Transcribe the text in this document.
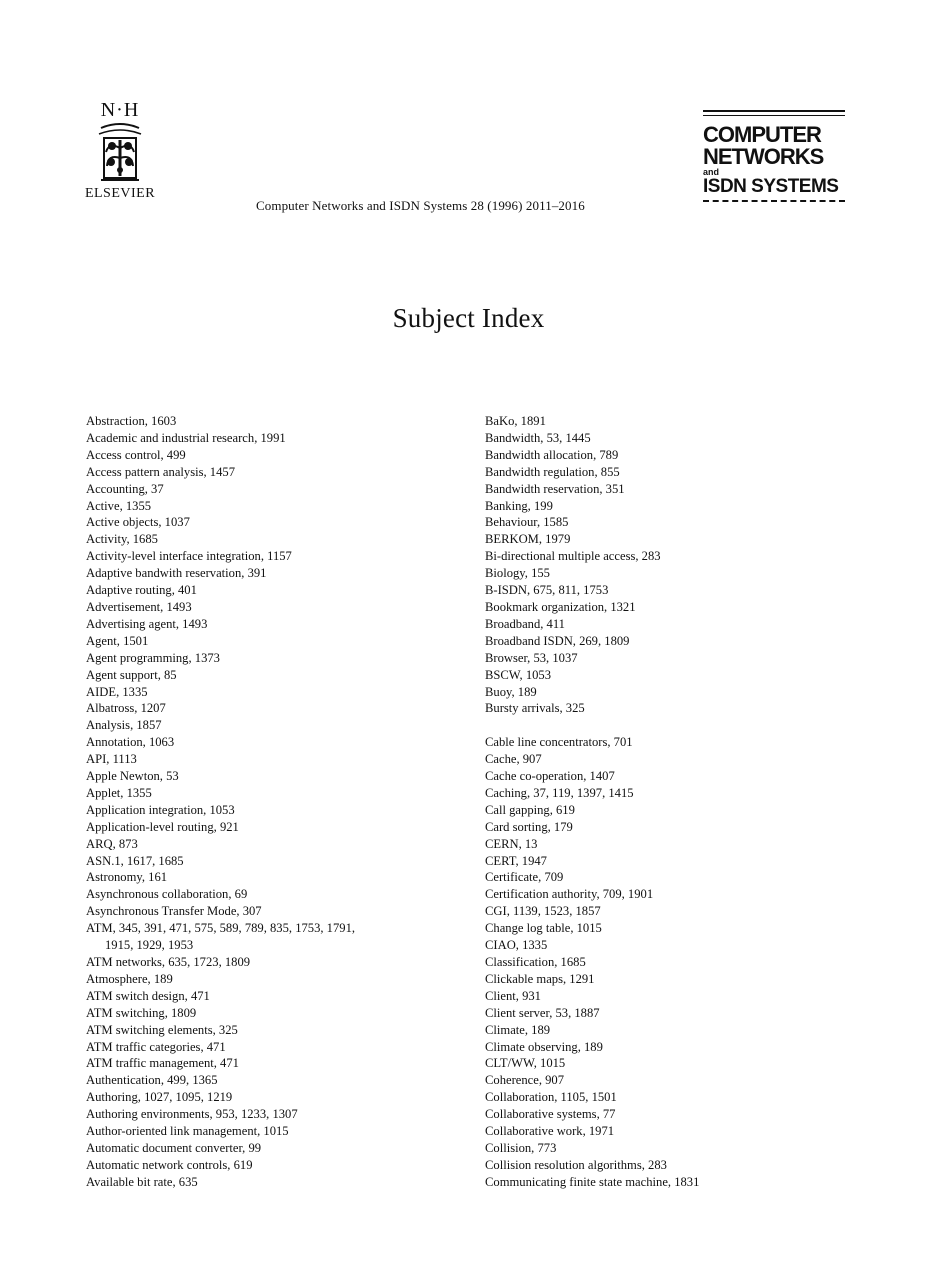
N·H
ELSEVIER
Computer Networks and ISDN Systems 28 (1996) 2011–2016
COMPUTER
NETWORKS
and
ISDN SYSTEMS
Subject Index
Abstraction, 1603
Academic and industrial research, 1991
Access control, 499
Access pattern analysis, 1457
Accounting, 37
Active, 1355
Active objects, 1037
Activity, 1685
Activity-level interface integration, 1157
Adaptive bandwith reservation, 391
Adaptive routing, 401
Advertisement, 1493
Advertising agent, 1493
Agent, 1501
Agent programming, 1373
Agent support, 85
AIDE, 1335
Albatross, 1207
Analysis, 1857
Annotation, 1063
API, 1113
Apple Newton, 53
Applet, 1355
Application integration, 1053
Application-level routing, 921
ARQ, 873
ASN.1, 1617, 1685
Astronomy, 161
Asynchronous collaboration, 69
Asynchronous Transfer Mode, 307
ATM, 345, 391, 471, 575, 589, 789, 835, 1753, 1791, 1915, 1929, 1953
ATM networks, 635, 1723, 1809
Atmosphere, 189
ATM switch design, 471
ATM switching, 1809
ATM switching elements, 325
ATM traffic categories, 471
ATM traffic management, 471
Authentication, 499, 1365
Authoring, 1027, 1095, 1219
Authoring environments, 953, 1233, 1307
Author-oriented link management, 1015
Automatic document converter, 99
Automatic network controls, 619
Available bit rate, 635
BaKo, 1891
Bandwidth, 53, 1445
Bandwidth allocation, 789
Bandwidth regulation, 855
Bandwidth reservation, 351
Banking, 199
Behaviour, 1585
BERKOM, 1979
Bi-directional multiple access, 283
Biology, 155
B-ISDN, 675, 811, 1753
Bookmark organization, 1321
Broadband, 411
Broadband ISDN, 269, 1809
Browser, 53, 1037
BSCW, 1053
Buoy, 189
Bursty arrivals, 325
Cable line concentrators, 701
Cache, 907
Cache co-operation, 1407
Caching, 37, 119, 1397, 1415
Call gapping, 619
Card sorting, 179
CERN, 13
CERT, 1947
Certificate, 709
Certification authority, 709, 1901
CGI, 1139, 1523, 1857
Change log table, 1015
CIAO, 1335
Classification, 1685
Clickable maps, 1291
Client, 931
Client server, 53, 1887
Climate, 189
Climate observing, 189
CLT/WW, 1015
Coherence, 907
Collaboration, 1105, 1501
Collaborative systems, 77
Collaborative work, 1971
Collision, 773
Collision resolution algorithms, 283
Communicating finite state machine, 1831
